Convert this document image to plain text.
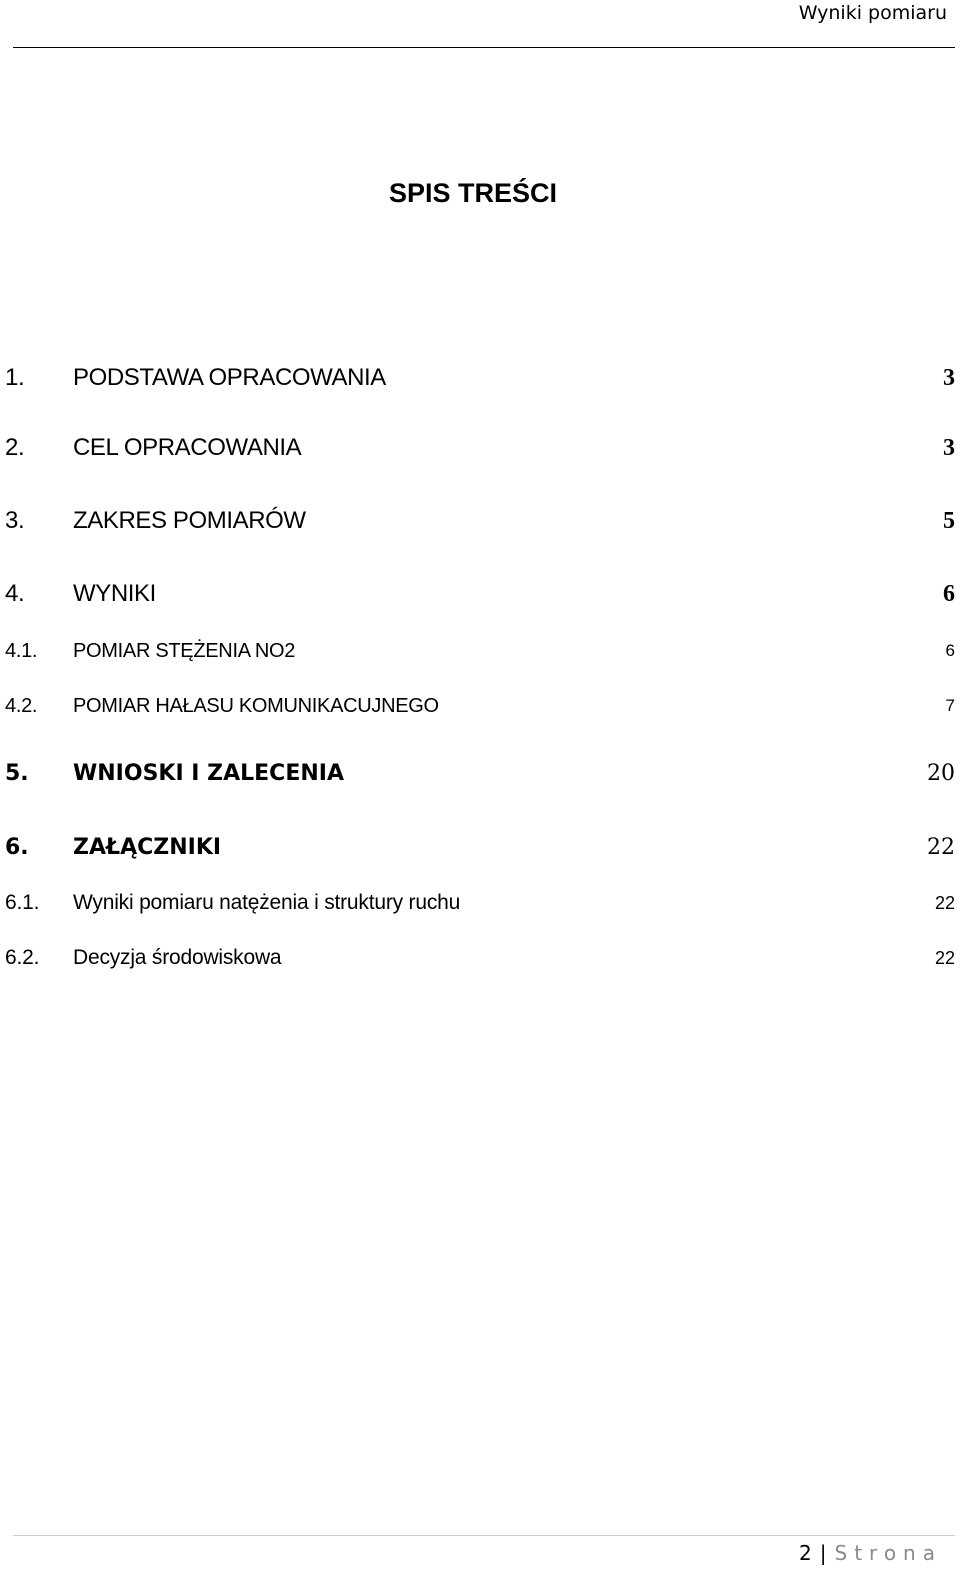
Wyniki pomiaru
SPIS TREŚCI
1. PODSTAWA OPRACOWANIA	3
2. CEL OPRACOWANIA	3
3. ZAKRES POMIARÓW	5
4. WYNIKI	6
4.1. POMIAR STĘŻENIA NO2	6
4.2. POMIAR HAŁASU KOMUNIKACUJNEGO	7
5. WNIOSKI I ZALECENIA	20
6. ZAŁĄCZNIKI	22
6.1. Wyniki pomiaru natężenia i struktury ruchu	22
6.2. Decyzja środowiskowa	22
2 | Strona
